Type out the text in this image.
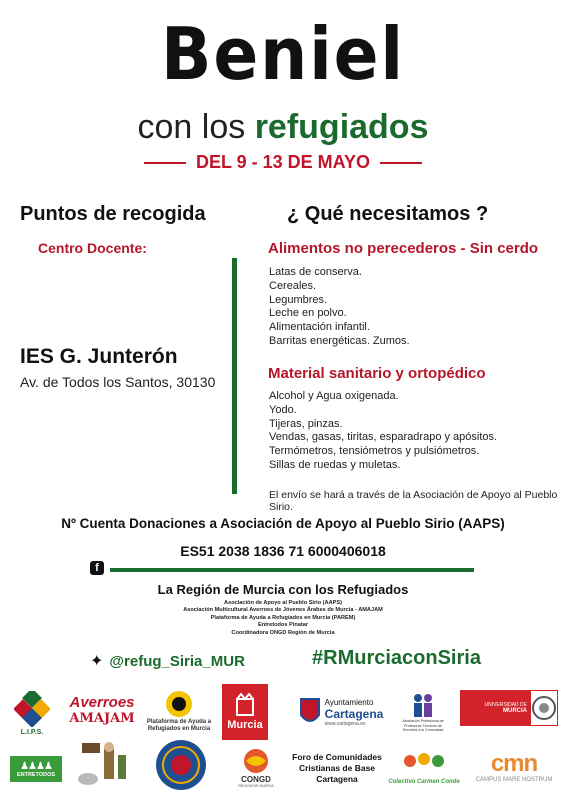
Beniel
con los refugiados
DEL 9 - 13 DE MAYO
Puntos de recogida
Centro Docente:
IES G. Junterón
Av. de Todos los Santos, 30130
¿ Qué necesitamos ?
Alimentos no perecederos - Sin cerdo
Latas de conserva.
Cereales.
Legumbres.
Leche en polvo.
Alimentación infantil.
Barritas energéticas. Zumos.
Material sanitario y ortopédico
Alcohol y Agua oxigenada.
Yodo.
Tijeras, pinzas.
Vendas, gasas, tiritas, esparadrapo y apósitos.
Termómetros, tensiómetros y pulsiómetros.
Sillas de ruedas y muletas.
El envío se hará a través de la Asociación de Apoyo al Pueblo Sirio.
Nº Cuenta Donaciones a Asociación de Apoyo al Pueblo Sirio (AAPS)
ES51 2038 1836 71 6000406018
f
La Región de Murcia con los Refugiados
Asociación de Apoyo al Pueblo Sirio (AAPS)
Asociación Multicultural Averroes de Jóvenes Árabes de Murcia - AMAJAM
Plataforma de Ayuda a Refugiados en Murcia (PAREM)
Entretodos Pinatar
Coordinadora ONGD Región de Murcia
✦ @refug_Siria_MUR	#RMurciaconSiria
L.I.P.S.
Averroes
AMAJAM	Plataforma de Ayuda a Refugiados en Murcia	Murcia
Ayuntamiento
Cartagena
www.cartagena.es	Asociación Profesional de Profesores Técnicos de Servicios a la Comunidad
UNIVERSIDAD DE
MURCIA
♟♟♟♟
ENTRETODOS	CONGD
REGIÓN DE MURCIA
Foro de Comunidades Cristianas de Base Cartagena	Colectivo Carmen Conde
cmn
CAMPUS MARE NOSTRUM
